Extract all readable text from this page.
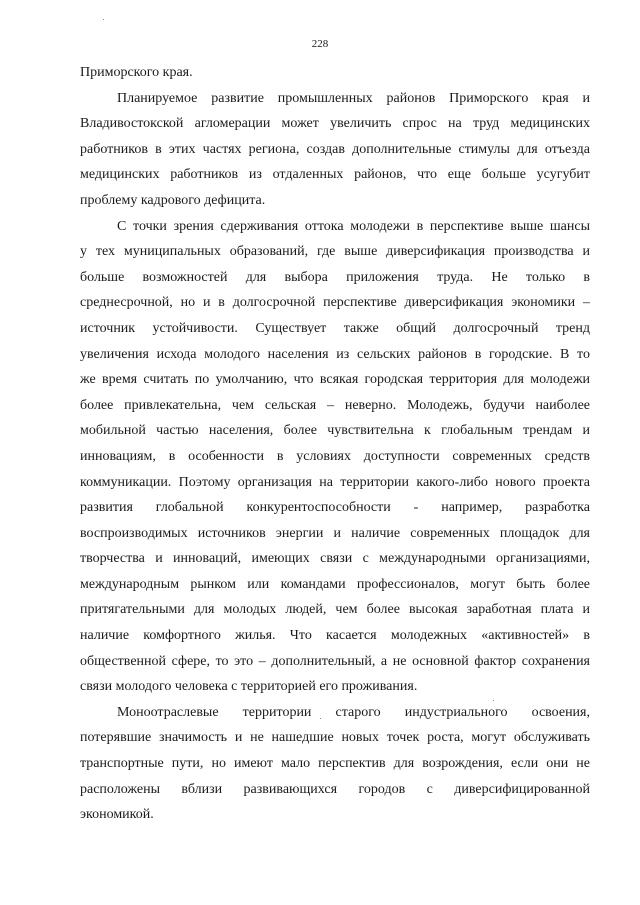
228

Приморского края.

Планируемое развитие промышленных районов Приморского края и
Владивостокской агломерации может увеличить спрос на труд медицинских
работников в этих частях региона, создав дополнительные стимулы для отъезда
медицинских работников из отдаленных районов, что еще больше усугубит
проблему кадрового дефицита.

С точки зрения сдерживания оттока молодежи в перспективе выше шансы
у тех муниципальных образований, где выше диверсификация производства и
больше возможностей для выбора приложения труда. Не только в
среднесрочной, но и в долгосрочной перспективе диверсификация экономики –
источник устойчивости. Существует также общий долгосрочный тренд
увеличения исхода молодого населения из сельских районов в городские. В то
же время считать по умолчанию, что всякая городская территория для молодежи
более привлекательна, чем сельская – неверно. Молодежь, будучи наиболее
мобильной частью населения, более чувствительна к глобальным трендам и
инновациям, в особенности в условиях доступности современных средств
коммуникации. Поэтому организация на территории какого-либо нового проекта
развития глобальной конкурентоспособности - например, разработка
воспроизводимых источников энергии и наличие современных площадок для
творчества и инноваций, имеющих связи с международными организациями,
международным рынком или командами профессионалов, могут быть более
притягательными для молодых людей, чем более высокая заработная плата и
наличие комфортного жилья. Что касается молодежных «активностей» в
общественной сфере, то это – дополнительный, а не основной фактор сохранения
связи молодого человека с территорией его проживания.

Моноотраслевые территории старого индустриального освоения,
потерявшие значимость и не нашедшие новых точек роста, могут обслуживать
транспортные пути, но имеют мало перспектив для возрождения, если они не
расположены вблизи развивающихся городов с диверсифицированной
экономикой.
